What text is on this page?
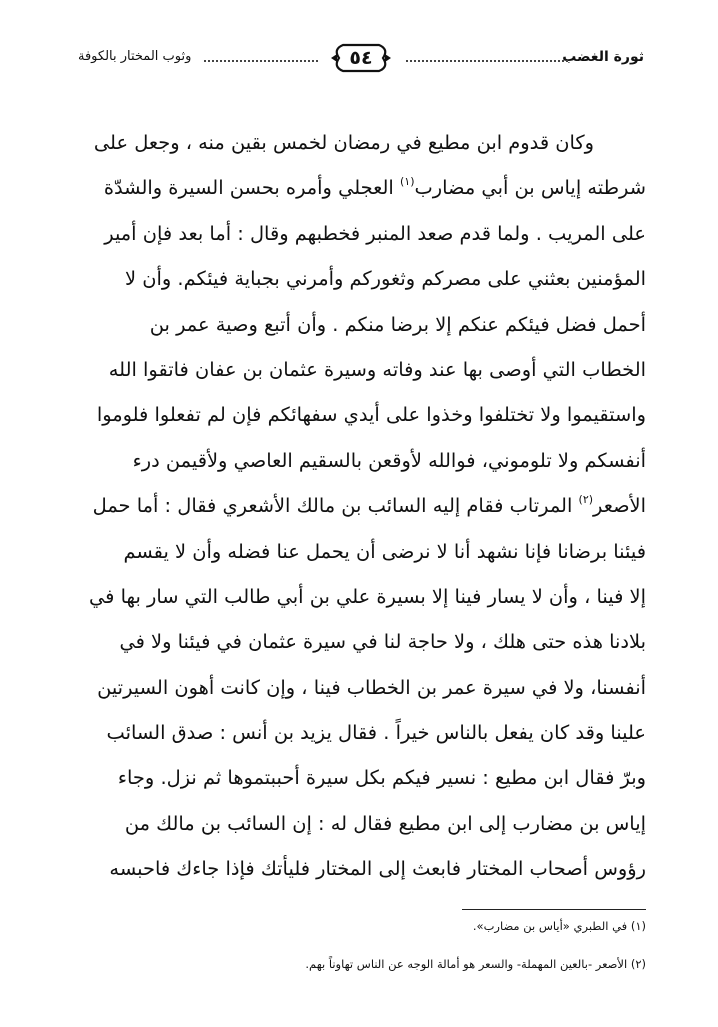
وثوب المختار بالكوفة	٥٤	ثورة الغضب
وكان قدوم ابن مطيع في رمضان لخمس بقين منه ، وجعل على
شرطته إياس بن أبي مضارب$^{(١)}$ العجلي وأمره بحسن السيرة والشدّة
على المريب . ولما قدم صعد المنبر فخطبهم وقال : أما بعد فإن أمير
المؤمنين بعثني على مصركم وثغوركم وأمرني بجباية فيئكم. وأن لا
أحمل فضل فيئكم عنكم إلا برضا منكم . وأن أتبع وصية عمر بن
الخطاب التي أوصى بها عند وفاته وسيرة عثمان بن عفان فاتقوا الله
واستقيموا ولا تختلفوا وخذوا على أيدي سفهائكم فإن لم تفعلوا فلوموا
أنفسكم ولا تلوموني، فوالله لأوقعن بالسقيم العاصي ولأقيمن درء
الأصعر$^{(٢)}$ المرتاب فقام إليه السائب بن مالك الأشعري فقال : أما حمل
فيئنا برضانا فإنا نشهد أنا لا نرضى أن يحمل عنا فضله وأن لا يقسم
إلا فينا ، وأن لا يسار فينا إلا بسيرة علي بن أبي طالب التي سار بها في
بلادنا هذه حتى هلك ، ولا حاجة لنا في سيرة عثمان في فيئنا ولا في
أنفسنا، ولا في سيرة عمر بن الخطاب فينا ، وإن كانت أهون السيرتين
علينا وقد كان يفعل بالناس خيراً . فقال يزيد بن أنس : صدق السائب
وبرّ فقال ابن مطيع : نسير فيكم بكل سيرة أحببتموها ثم نزل. وجاء
إياس بن مضارب إلى ابن مطيع فقال له : إن السائب بن مالك من
رؤوس أصحاب المختار فابعث إلى المختار فليأتك فإذا جاءك فاحبسه
(١) في الطبري «أياس بن مضارب».
(٢) الأصعر -بالعين المهملة- والسعر هو أمالة الوجه عن الناس تهاوناً بهم.
